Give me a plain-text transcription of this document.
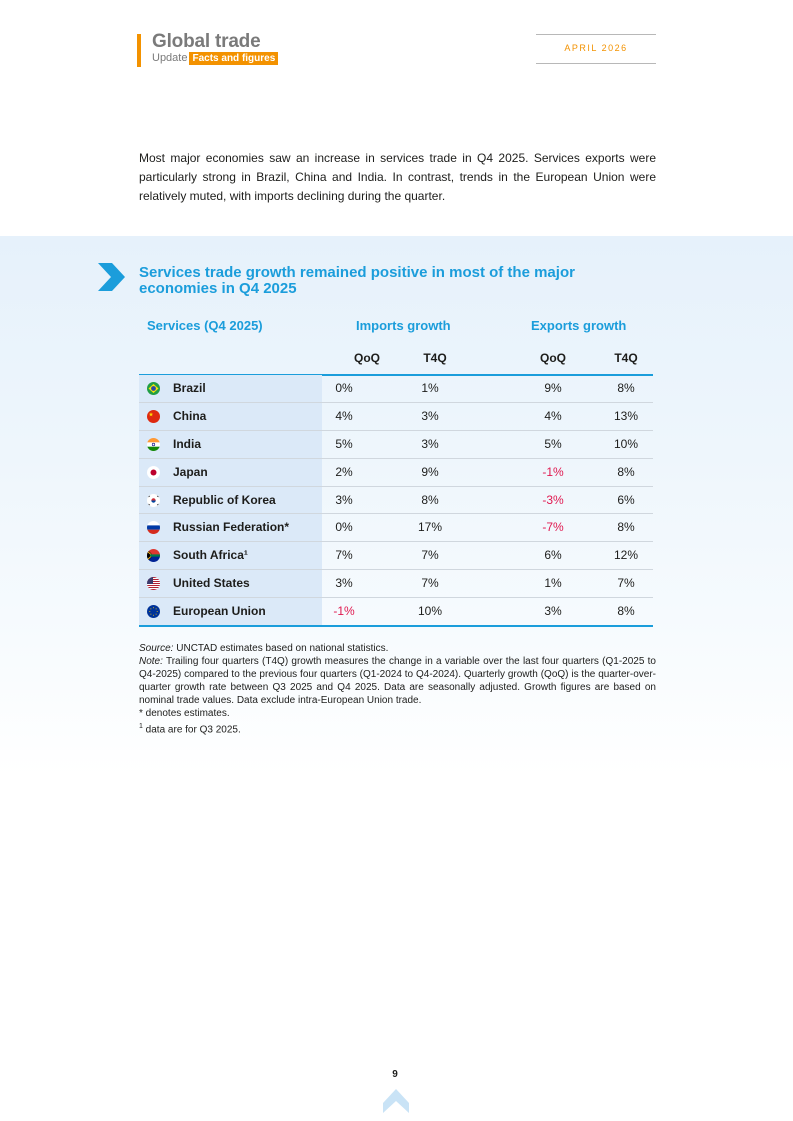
Global trade
Update Facts and figures
APRIL 2026
Most major economies saw an increase in services trade in Q4 2025. Services exports were particularly strong in Brazil, China and India. In contrast, trends in the European Union were relatively muted, with imports declining during the quarter.
Services trade growth remained positive in most of the major economies in Q4 2025
Services (Q4 2025)	Imports growth	Exports growth
QoQ	T4Q	QoQ	T4Q
Brazil	0%	1%	9%	8%
China	4%	3%	4%	13%
India	5%	3%	5%	10%
Japan	2%	9%	-1%	8%
Republic of Korea	3%	8%	-3%	6%
Russian Federation*	0%	17%	-7%	8%
South Africa¹	7%	7%	6%	12%
United States	3%	7%	1%	7%
European Union	-1%	10%	3%	8%

Source: UNCTAD estimates based on national statistics.

Note: Trailing four quarters (T4Q) growth measures the change in a variable over the last four quarters (Q1-2025 to Q4-2025) compared to the previous four quarters (Q1-2024 to Q4-2024). Quarterly growth (QoQ) is the quarter-over-quarter growth rate between Q3 2025 and Q4 2025. Data are seasonally adjusted. Growth figures are based on nominal trade values. Data exclude intra-European Union trade.

* denotes estimates.

$^1$ data are for Q3 2025.

9
